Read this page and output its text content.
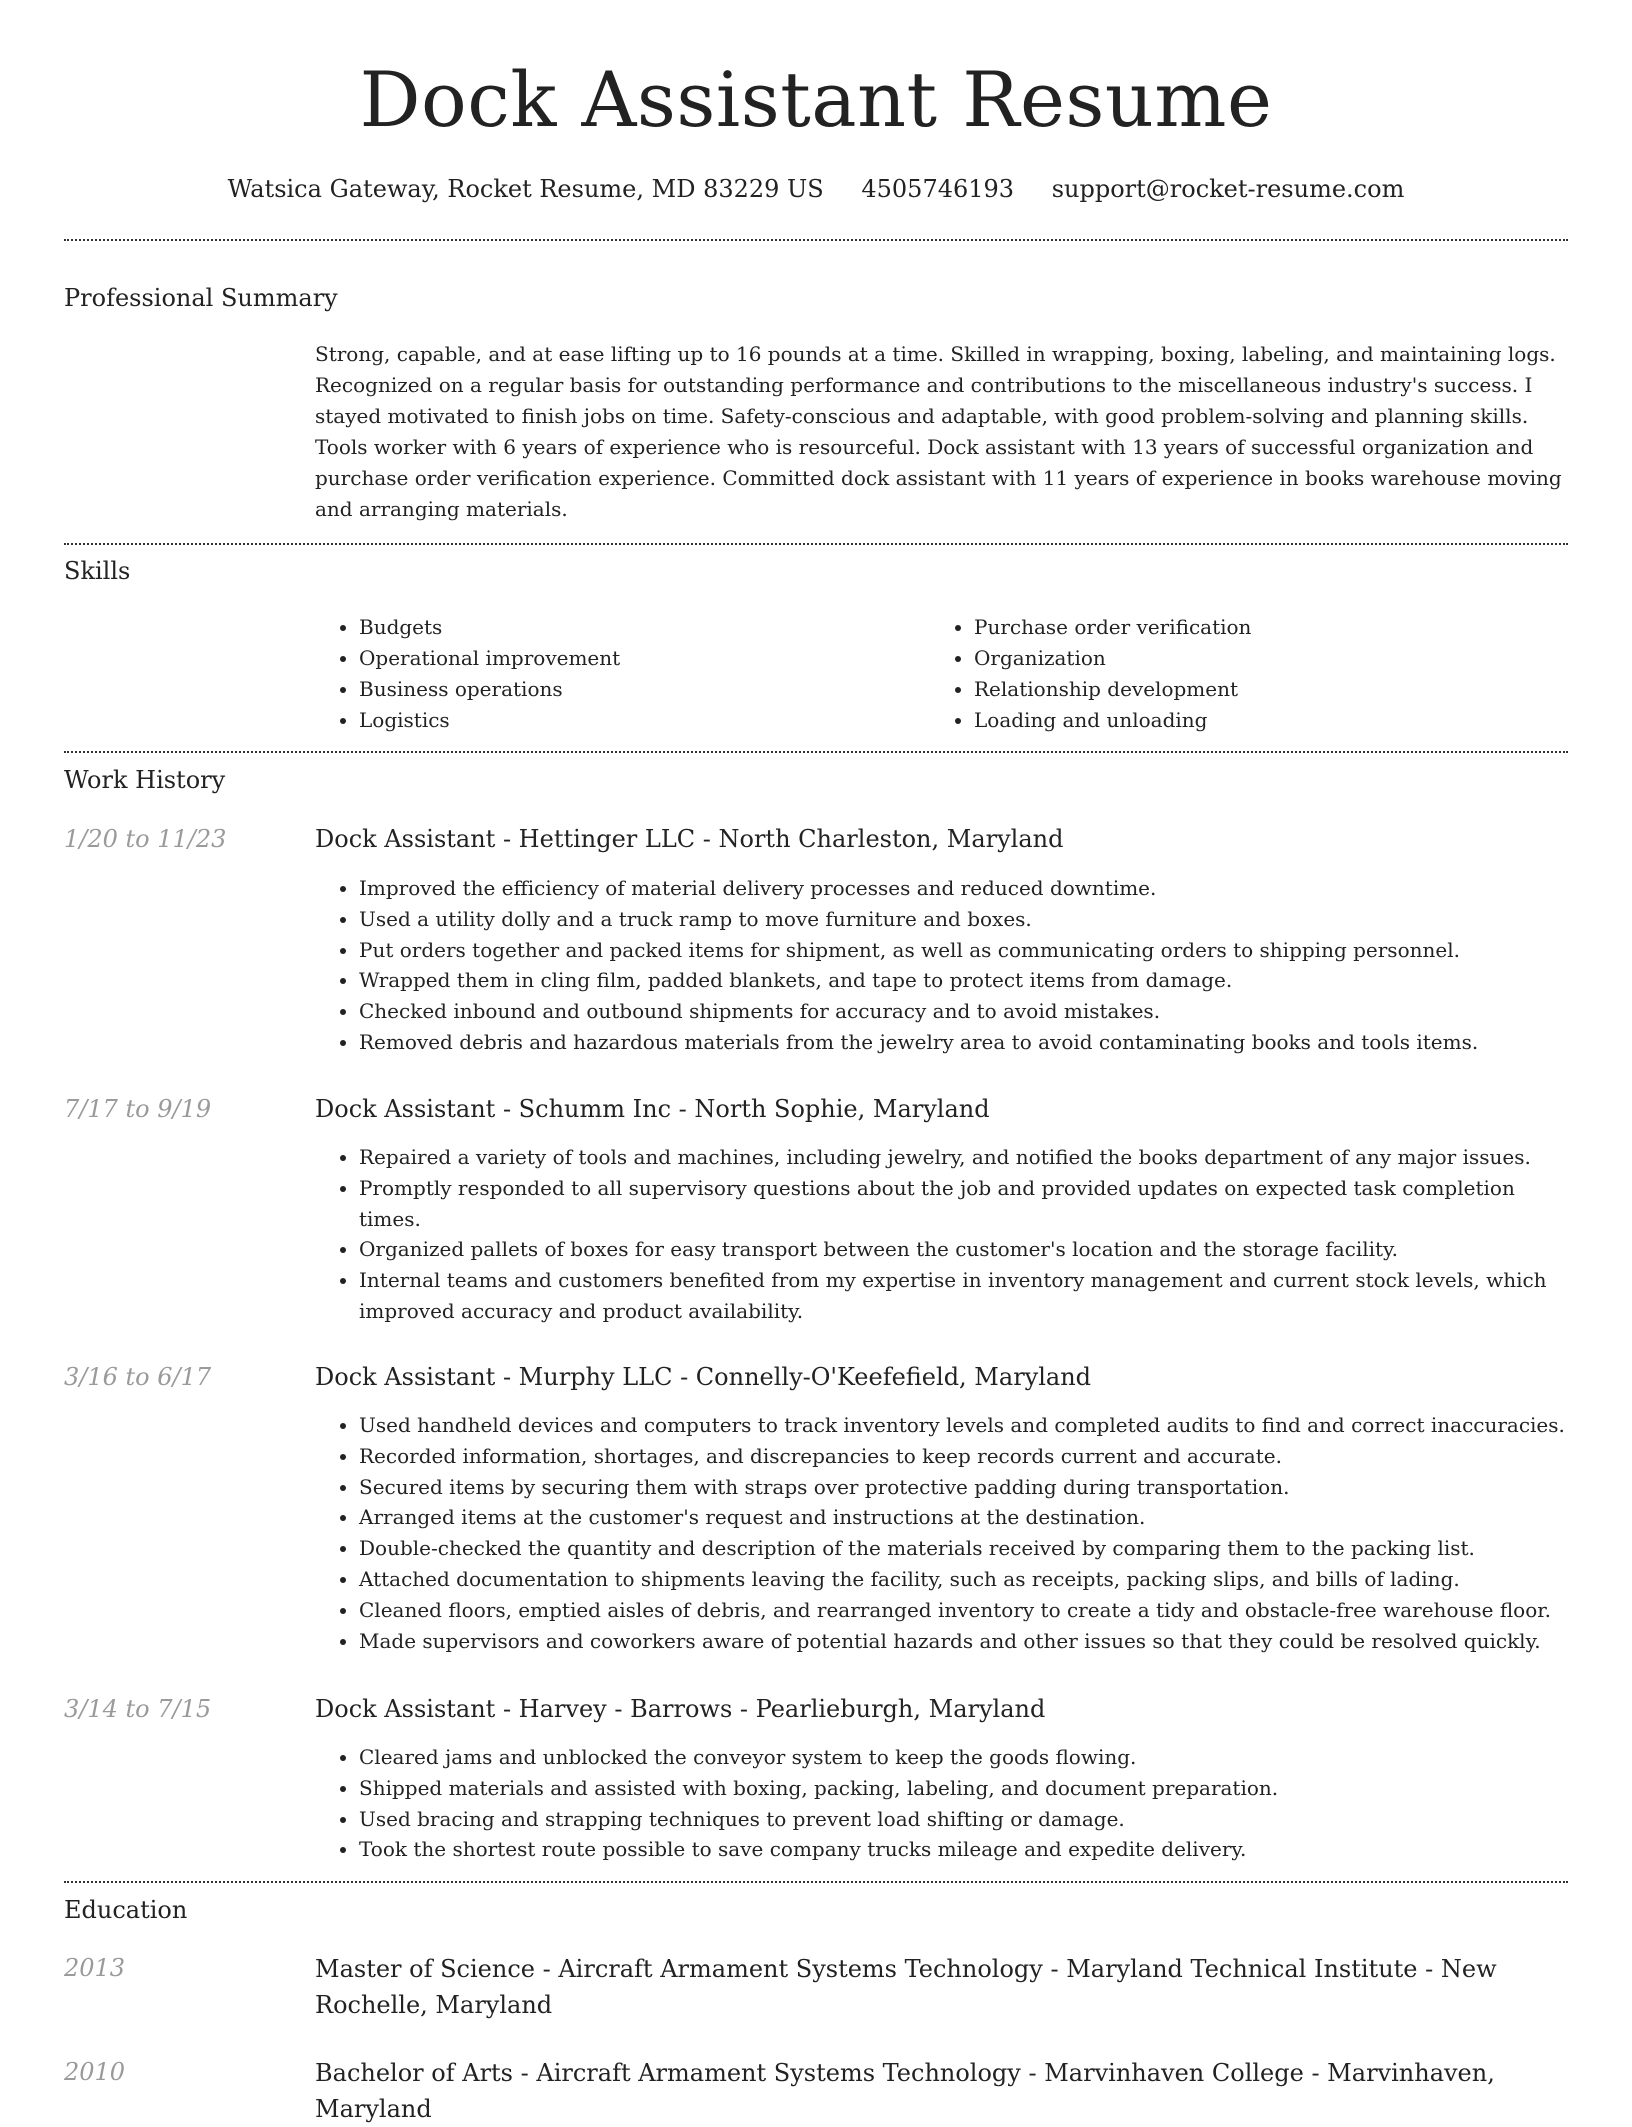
Dock Assistant Resume
Watsica Gateway, Rocket Resume, MD 83229 US 4505746193 support@rocket-resume.com
Professional Summary

Strong, capable, and at ease lifting up to 16 pounds at a time. Skilled in wrapping, boxing, labeling, and maintaining logs. Recognized on a regular basis for outstanding performance and contributions to the miscellaneous industry's success. I stayed motivated to finish jobs on time. Safety-conscious and adaptable, with good problem-solving and planning skills. Tools worker with 6 years of experience who is resourceful. Dock assistant with 13 years of successful organization and purchase order verification experience. Committed dock assistant with 11 years of experience in books warehouse moving and arranging materials.

Skills
• Budgets
• Operational improvement
• Business operations
• Logistics
• Purchase order verification
• Organization
• Relationship development
• Loading and unloading
Work History
1/20 to 11/23	Dock Assistant - Hettinger LLC - North Charleston, Maryland
• Improved the efficiency of material delivery processes and reduced downtime.
• Used a utility dolly and a truck ramp to move furniture and boxes.
• Put orders together and packed items for shipment, as well as communicating orders to shipping personnel.
• Wrapped them in cling film, padded blankets, and tape to protect items from damage.
• Checked inbound and outbound shipments for accuracy and to avoid mistakes.
• Removed debris and hazardous materials from the jewelry area to avoid contaminating books and tools items.
7/17 to 9/19	Dock Assistant - Schumm Inc - North Sophie, Maryland
• Repaired a variety of tools and machines, including jewelry, and notified the books department of any major issues.
• Promptly responded to all supervisory questions about the job and provided updates on expected task completion times.
• Organized pallets of boxes for easy transport between the customer's location and the storage facility.
• Internal teams and customers benefited from my expertise in inventory management and current stock levels, which improved accuracy and product availability.
3/16 to 6/17	Dock Assistant - Murphy LLC - Connelly-O'Keefefield, Maryland
• Used handheld devices and computers to track inventory levels and completed audits to find and correct inaccuracies.
• Recorded information, shortages, and discrepancies to keep records current and accurate.
• Secured items by securing them with straps over protective padding during transportation.
• Arranged items at the customer's request and instructions at the destination.
• Double-checked the quantity and description of the materials received by comparing them to the packing list.
• Attached documentation to shipments leaving the facility, such as receipts, packing slips, and bills of lading.
• Cleaned floors, emptied aisles of debris, and rearranged inventory to create a tidy and obstacle-free warehouse floor.
• Made supervisors and coworkers aware of potential hazards and other issues so that they could be resolved quickly.
3/14 to 7/15	Dock Assistant - Harvey - Barrows - Pearlieburgh, Maryland
• Cleared jams and unblocked the conveyor system to keep the goods flowing.
• Shipped materials and assisted with boxing, packing, labeling, and document preparation.
• Used bracing and strapping techniques to prevent load shifting or damage.
• Took the shortest route possible to save company trucks mileage and expedite delivery.
Education
2013	Master of Science - Aircraft Armament Systems Technology - Maryland Technical Institute - New Rochelle, Maryland
2010	Bachelor of Arts - Aircraft Armament Systems Technology - Marvinhaven College - Marvinhaven, Maryland
